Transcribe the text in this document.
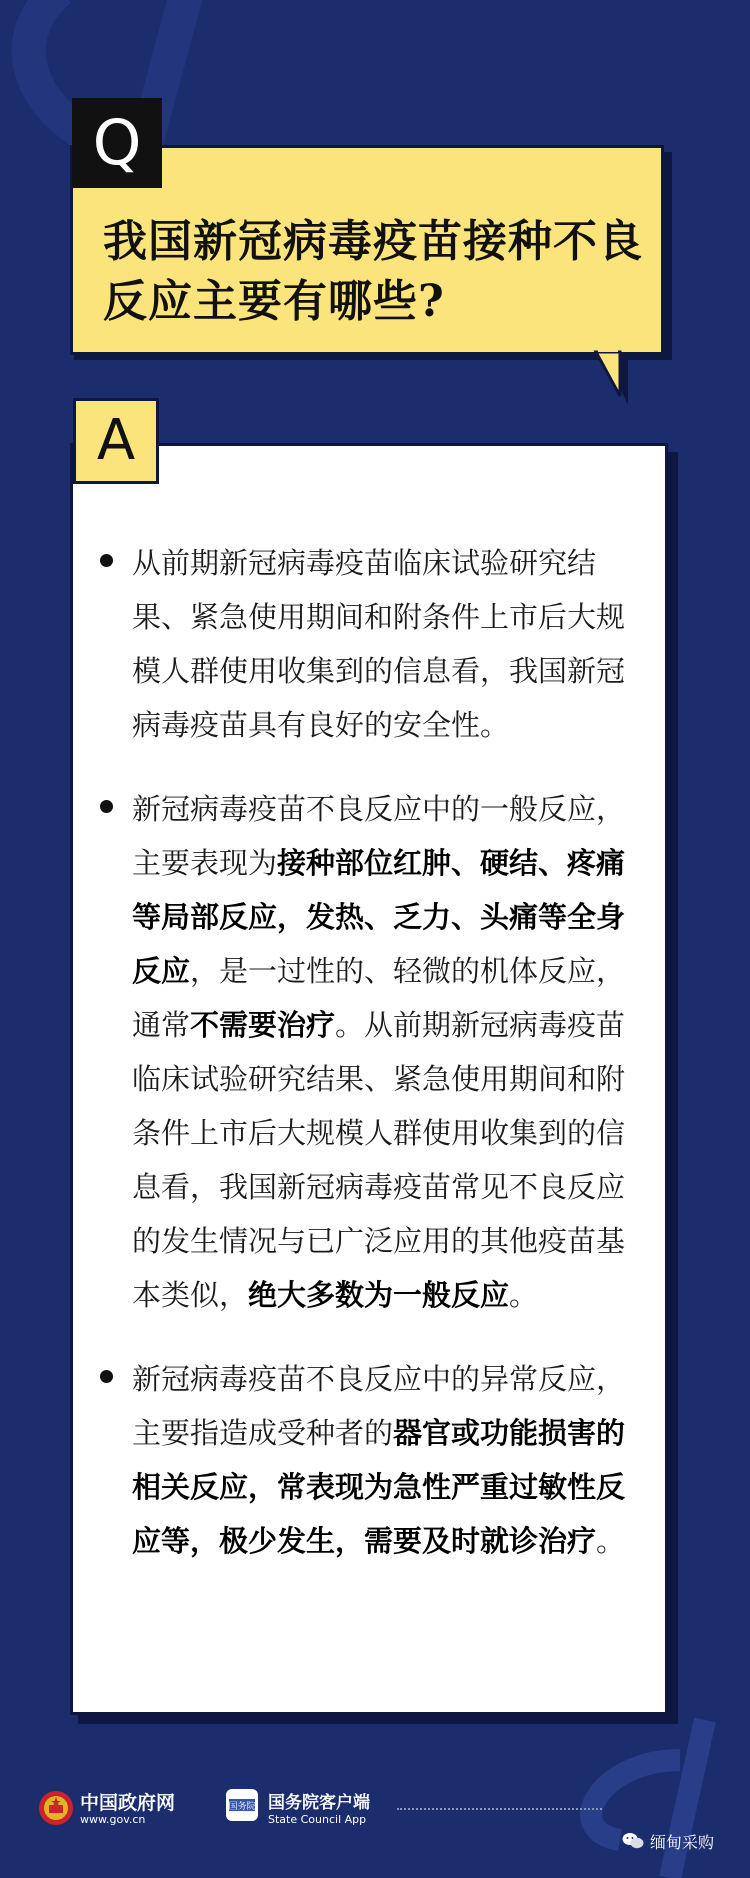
Q
我国新冠病毒疫苗接种不良反应主要有哪些?
A

从前期新冠病毒疫苗临床试验研究结果、紧急使用期间和附条件上市后大规模人群使用收集到的信息看，我国新冠病毒疫苗具有良好的安全性。

新冠病毒疫苗不良反应中的一般反应，主要表现为接种部位红肿、硬结、疼痛等局部反应，发热、乏力、头痛等全身反应，是一过性的、轻微的机体反应，通常不需要治疗。从前期新冠病毒疫苗临床试验研究结果、紧急使用期间和附条件上市后大规模人群使用收集到的信息看，我国新冠病毒疫苗常见不良反应的发生情况与已广泛应用的其他疫苗基本类似，绝大多数为一般反应。

新冠病毒疫苗不良反应中的异常反应，主要指造成受种者的器官或功能损害的相关反应，常表现为急性严重过敏性反应等，极少发生，需要及时就诊治疗。

中国政府网
www.gov.cn
国务院 国务院客户端
State Council App
缅甸采购
